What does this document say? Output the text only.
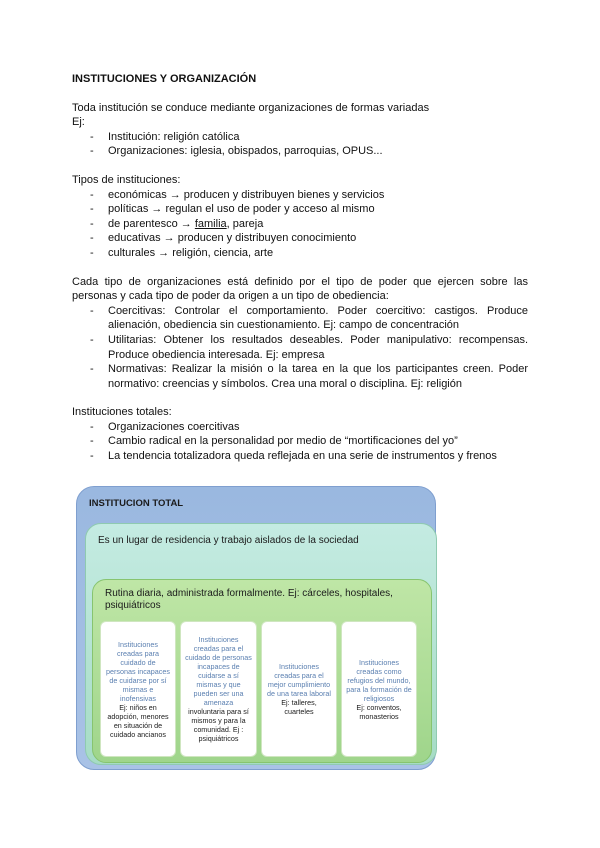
INSTITUCIONES Y ORGANIZACIÓN

Toda institución se conduce mediante organizaciones de formas variadas

Ej:

- Institución: religión católica
- Organizaciones: iglesia, obispados, parroquias, OPUS...

Tipos de instituciones:

- económicas → producen y distribuyen bienes y servicios
- políticas → regulan el uso de poder y acceso al mismo
- de parentesco → familia, pareja
- educativas → producen y distribuyen conocimiento
- culturales → religión, ciencia, arte

Cada tipo de organizaciones está definido por el tipo de poder que ejercen sobre las personas y cada tipo de poder da origen a un tipo de obediencia:

- Coercitivas: Controlar el comportamiento. Poder coercitivo: castigos. Produce alienación, obediencia sin cuestionamiento. Ej: campo de concentración
- Utilitarias: Obtener los resultados deseables. Poder manipulativo: recompensas. Produce obediencia interesada. Ej: empresa
- Normativas: Realizar la misión o la tarea en la que los participantes creen. Poder normativo: creencias y símbolos. Crea una moral o disciplina. Ej: religión

Instituciones totales:

- Organizaciones coercitivas
- Cambio radical en la personalidad por medio de “mortificaciones del yo”
- La tendencia totalizadora queda reflejada en una serie de instrumentos y frenos
INSTITUCION TOTAL
Es un lugar de residencia y trabajo aislados de la sociedad
Rutina diaria, administrada formalmente. Ej: cárceles, hospitales, psiquiátricos
Instituciones creadas para cuidado de personas incapaces de cuidarse por sí mismas e inofensivas
Ej: niños en adopción, menores en situación de cuidado ancianos
Instituciones creadas para el cuidado de personas incapaces de cuidarse a sí mismas y que pueden ser una amenaza
involuntaria para sí mismos y para la comunidad. Ej : psiquiátricos
Instituciones creadas para el mejor cumplimiento de una tarea laboral
Ej: talleres, cuarteles
Instituciones creadas como refugios del mundo, para la formación de religiosos
Ej: conventos, monasterios
